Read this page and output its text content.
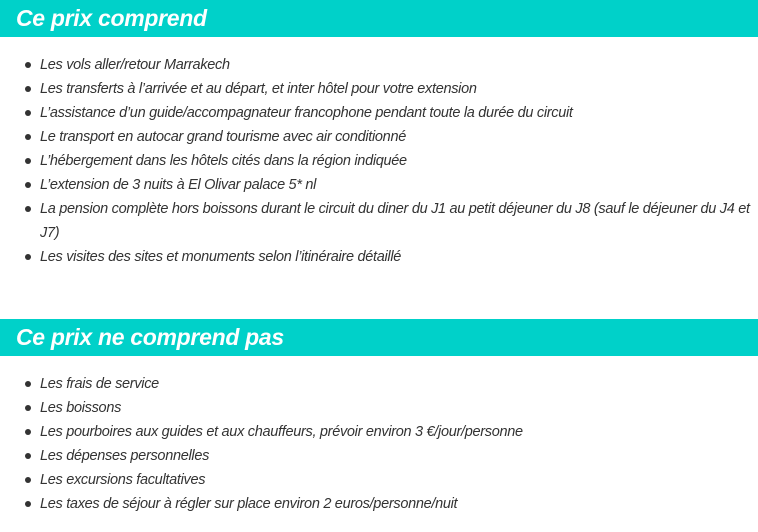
Ce prix comprend
Les vols aller/retour Marrakech
Les transferts à l’arrivée et au départ, et inter hôtel pour votre extension
L’assistance d’un guide/accompagnateur francophone pendant toute la durée du circuit
Le transport en autocar grand tourisme avec air conditionné
L’hébergement dans les hôtels cités dans la région indiquée
L’extension de 3 nuits à El Olivar palace 5* nl
La pension complète hors boissons durant le circuit du diner du J1 au petit déjeuner du J8 (sauf le déjeuner du J4 et J7)
Les visites des sites et monuments selon l’itinéraire détaillé
Ce prix ne comprend pas
Les frais de service
Les boissons
Les pourboires aux guides et aux chauffeurs, prévoir environ 3 €/jour/personne
Les dépenses personnelles
Les excursions facultatives
Les taxes de séjour à régler sur place environ 2 euros/personne/nuit
